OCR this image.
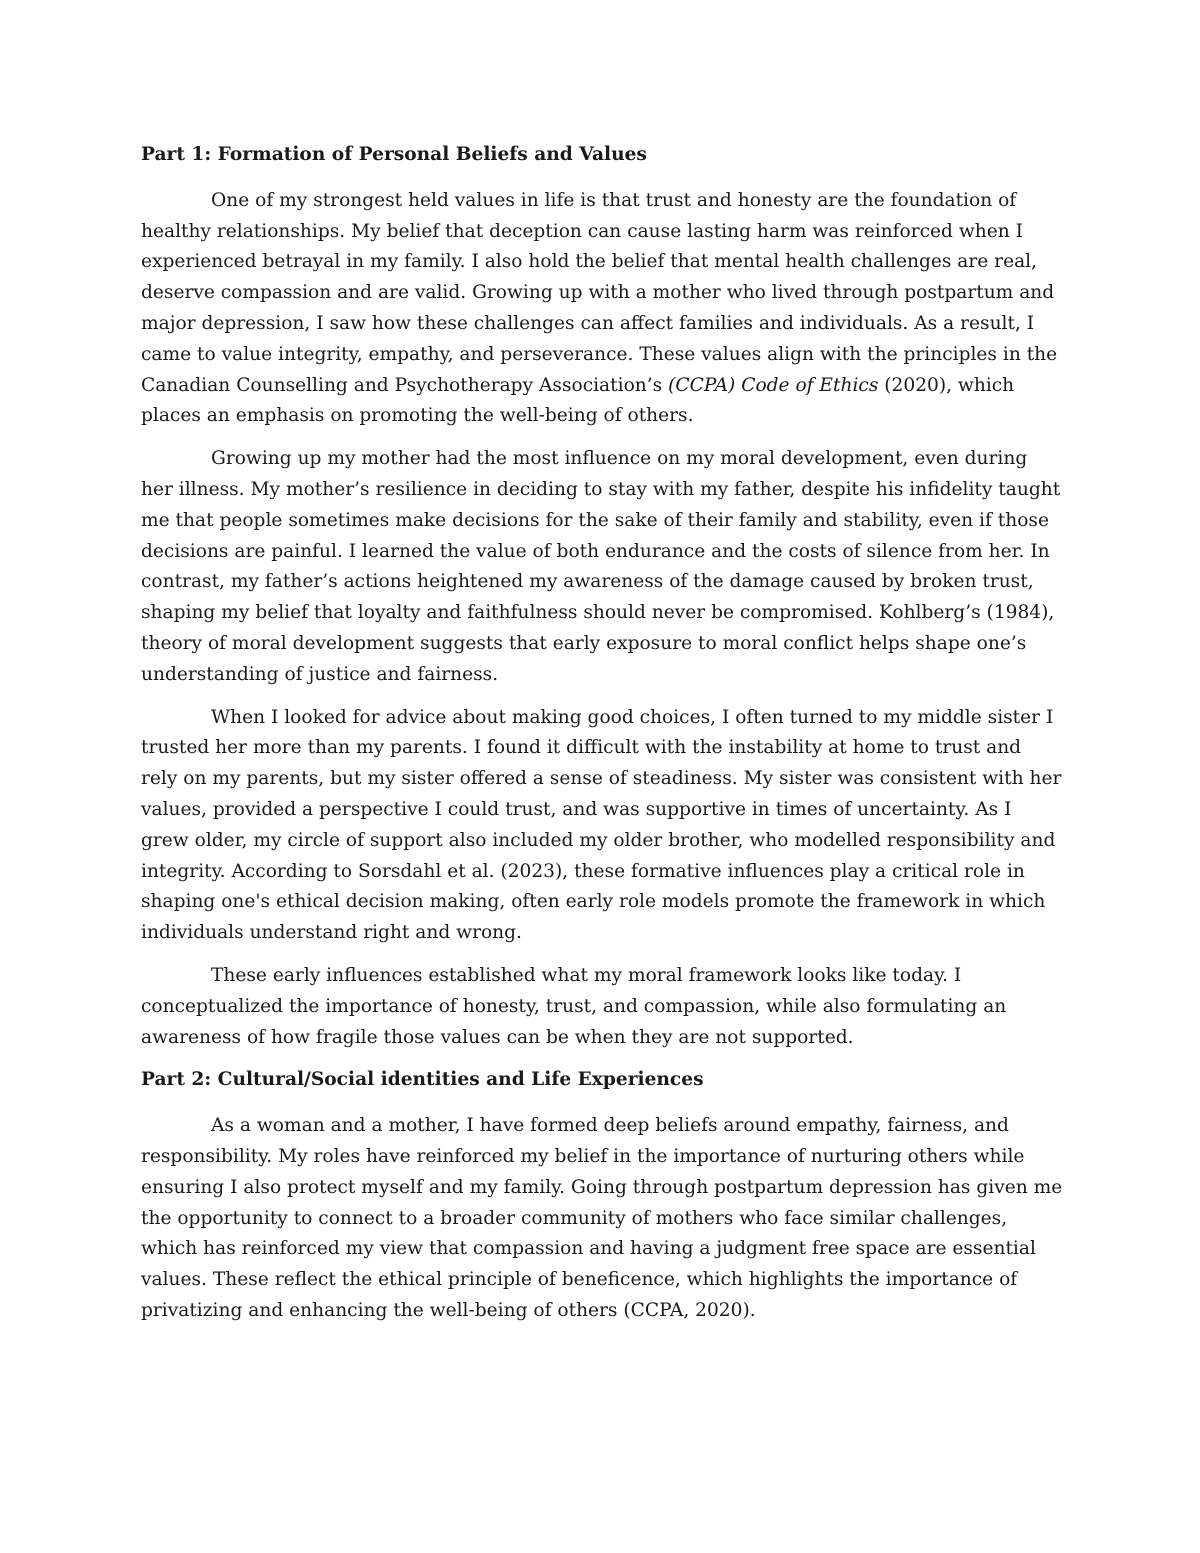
Part 1: Formation of Personal Beliefs and Values

One of my strongest held values in life is that trust and honesty are the foundation of healthy relationships. My belief that deception can cause lasting harm was reinforced when I experienced betrayal in my family. I also hold the belief that mental health challenges are real, deserve compassion and are valid. Growing up with a mother who lived through postpartum and major depression, I saw how these challenges can affect families and individuals. As a result, I came to value integrity, empathy, and perseverance. These values align with the principles in the Canadian Counselling and Psychotherapy Association’s (CCPA) Code of Ethics (2020), which places an emphasis on promoting the well-being of others.

Growing up my mother had the most influence on my moral development, even during her illness. My mother’s resilience in deciding to stay with my father, despite his infidelity taught me that people sometimes make decisions for the sake of their family and stability, even if those decisions are painful. I learned the value of both endurance and the costs of silence from her. In contrast, my father’s actions heightened my awareness of the damage caused by broken trust, shaping my belief that loyalty and faithfulness should never be compromised. Kohlberg’s (1984), theory of moral development suggests that early exposure to moral conflict helps shape one’s understanding of justice and fairness.

When I looked for advice about making good choices, I often turned to my middle sister I trusted her more than my parents. I found it difficult with the instability at home to trust and rely on my parents, but my sister offered a sense of steadiness. My sister was consistent with her values, provided a perspective I could trust, and was supportive in times of uncertainty. As I grew older, my circle of support also included my older brother, who modelled responsibility and integrity. According to Sorsdahl et al. (2023), these formative influences play a critical role in shaping one's ethical decision making, often early role models promote the framework in which individuals understand right and wrong.

These early influences established what my moral framework looks like today. I conceptualized the importance of honesty, trust, and compassion, while also formulating an awareness of how fragile those values can be when they are not supported.

Part 2: Cultural/Social identities and Life Experiences

As a woman and a mother, I have formed deep beliefs around empathy, fairness, and responsibility. My roles have reinforced my belief in the importance of nurturing others while ensuring I also protect myself and my family. Going through postpartum depression has given me the opportunity to connect to a broader community of mothers who face similar challenges, which has reinforced my view that compassion and having a judgment free space are essential values. These reflect the ethical principle of beneficence, which highlights the importance of privatizing and enhancing the well-being of others (CCPA, 2020).
